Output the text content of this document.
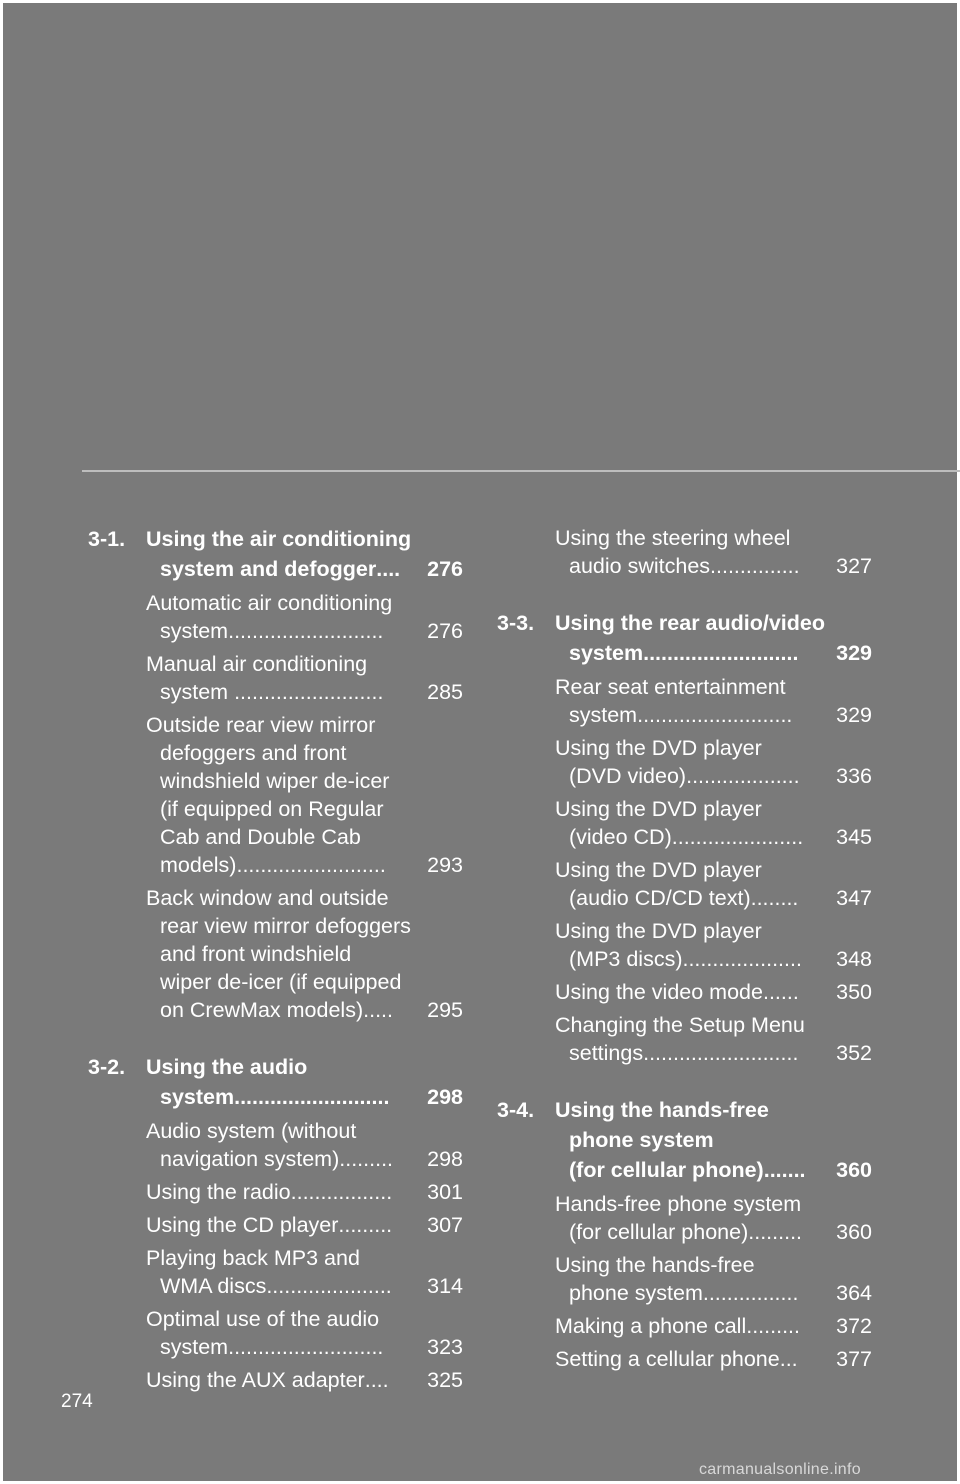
3-1. Using the air conditioning
system and defogger ....	276
Automatic air conditioning
system ..........................	276
Manual air conditioning
system .........................	285
Outside rear view mirror
defoggers and front
windshield wiper de-icer
(if equipped on Regular
Cab and Double Cab
models) .........................	293
Back window and outside
rear view mirror defoggers
and front windshield
wiper de-icer (if equipped
on CrewMax models) .....	295
3-2. Using the audio
system ..........................	298
Audio system (without
navigation system) .........	298
Using the radio .................	301
Using the CD player .........	307
Playing back MP3 and
WMA discs .....................	314
Optimal use of the audio
system ..........................	323
Using the AUX adapter ....	325
Using the steering wheel
audio switches ...............	327
3-3. Using the rear audio/video
system ..........................	329
Rear seat entertainment
system ..........................	329
Using the DVD player
(DVD video) ...................	336
Using the DVD player
(video CD) ......................	345
Using the DVD player
(audio CD/CD text) ........	347
Using the DVD player
(MP3 discs) ....................	348
Using the video mode ......	350
Changing the Setup Menu
settings ..........................	352
3-4. Using the hands-free
phone system
(for cellular phone) .......	360
Hands-free phone system
(for cellular phone) .........	360
Using the hands-free
phone system ................	364
Making a phone call .........	372
Setting a cellular phone ...	377
274
carmanualsonline.info
